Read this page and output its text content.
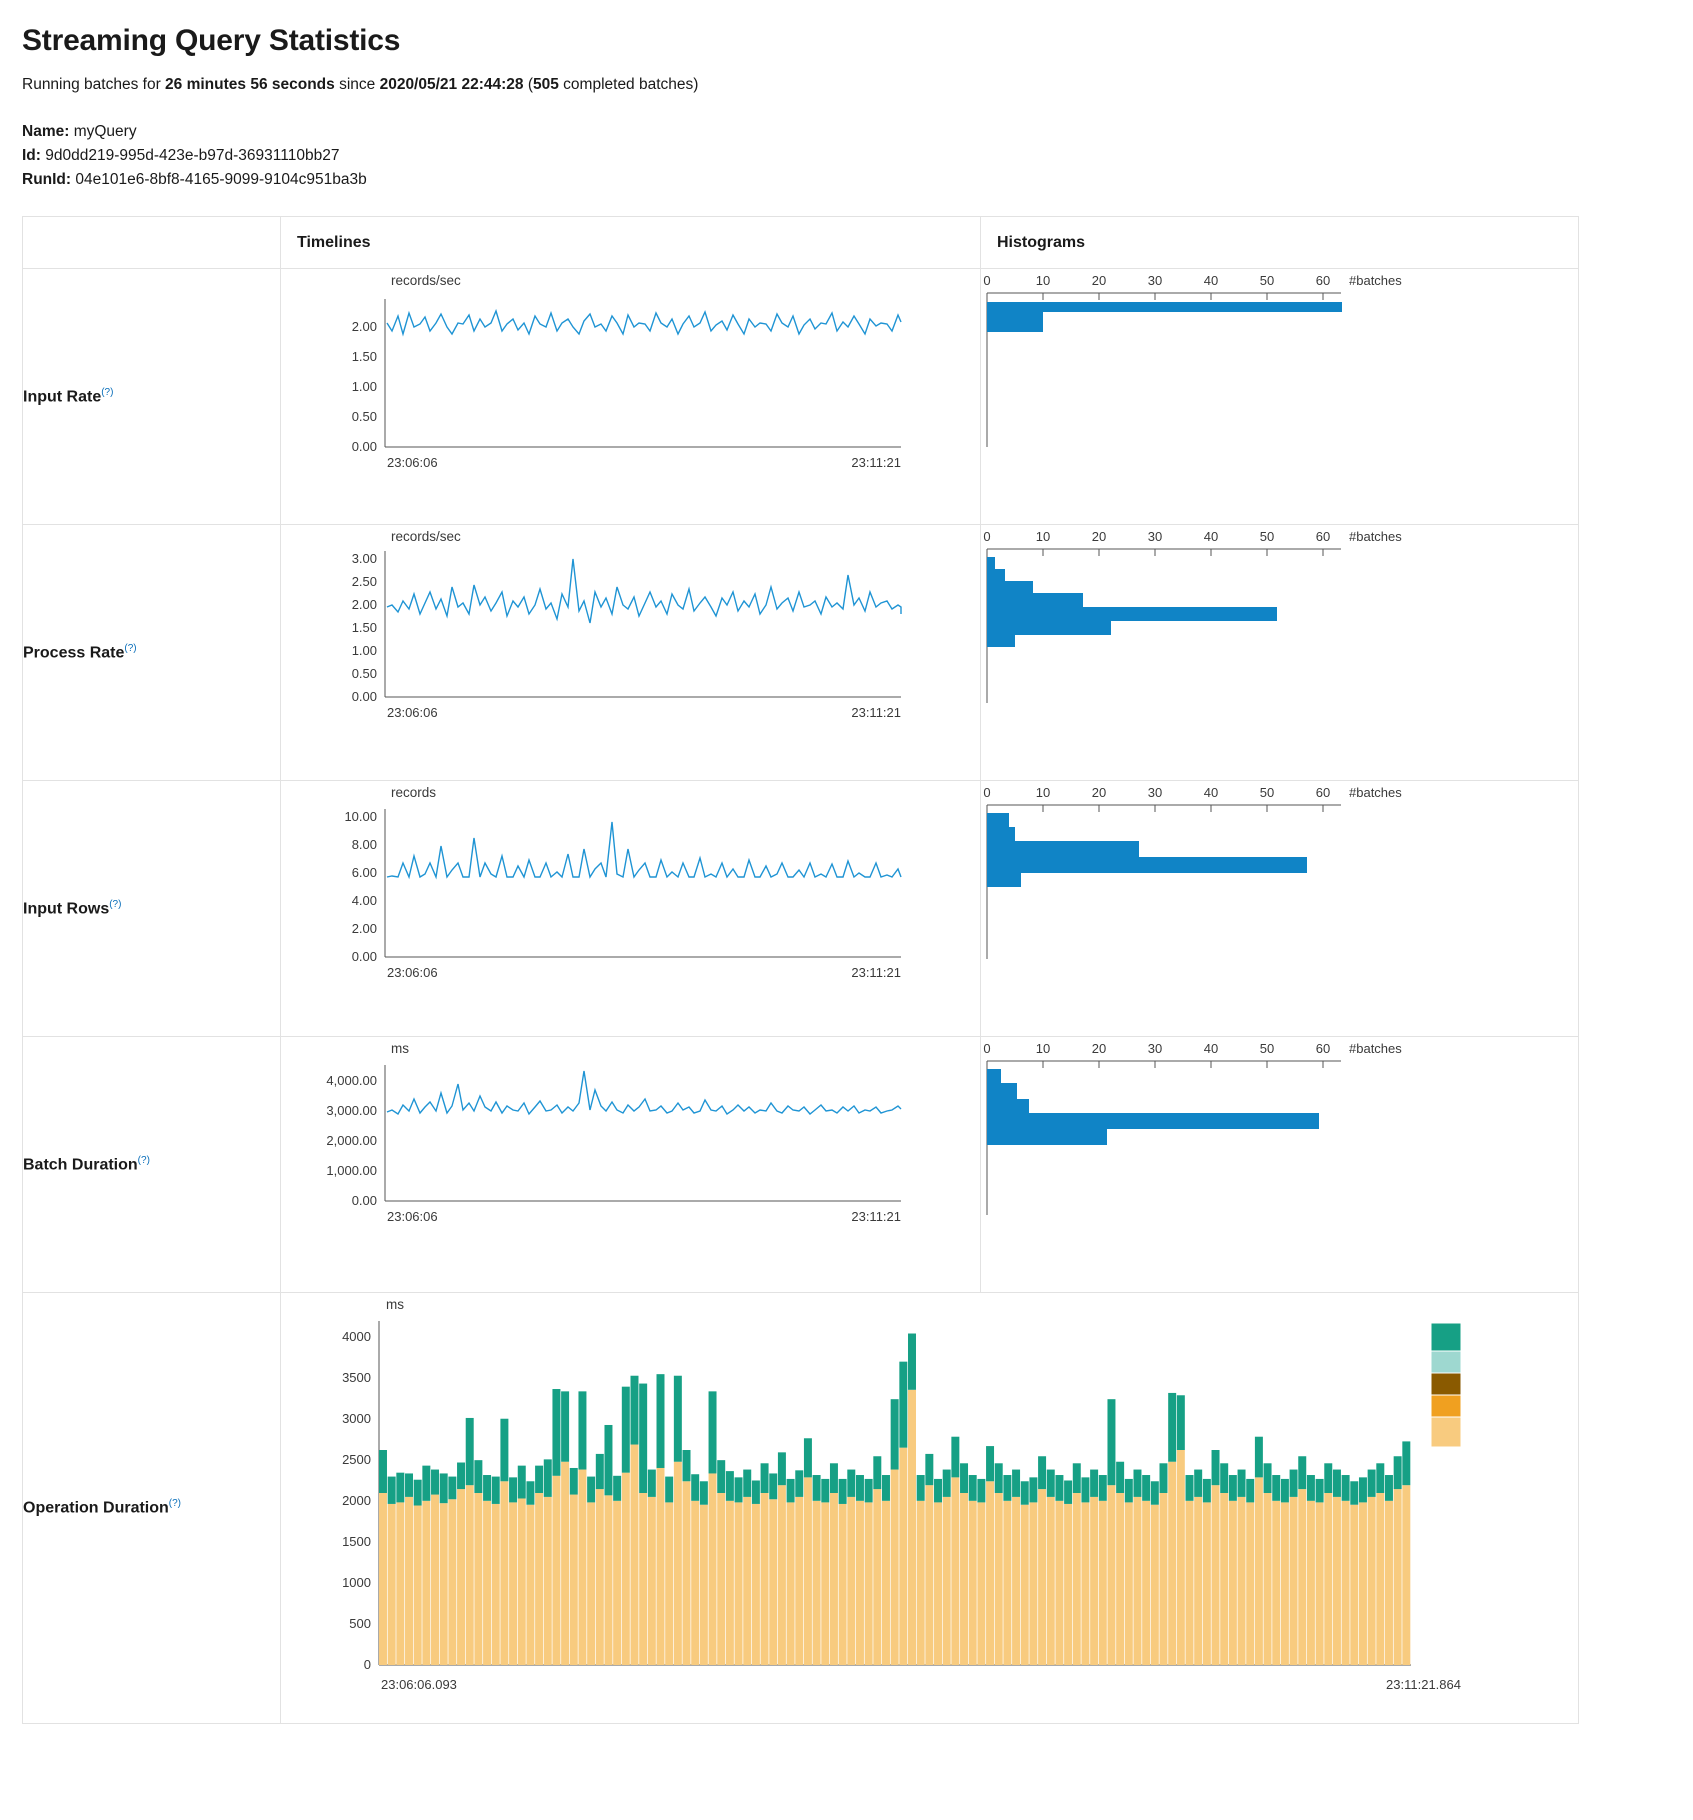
Streaming Query Statistics
Running batches for 26 minutes 56 seconds since 2020/05/21 22:44:28 (505 completed batches)
Name: myQuery
Id: 9d0dd219-995d-423e-b97d-36931110bb27
RunId: 04e101e6-8bf8-4165-9099-9104c951ba3b
	Timelines	Histograms
Input Rate(?)	
records/sec
2.00
1.50
1.00
0.50
0.00
23:06:06	23:11:21

0	10	20	30	40	50	60 #batches

Process Rate(?)	
records/sec
3.00
2.50
2.00
1.50
1.00
0.50
0.00
23:06:06	23:11:21

0	10	20	30	40	50	60 #batches

Input Rows(?)	
records
10.00
8.00
6.00
4.00
2.00
0.00
23:06:06	23:11:21

0	10	20	30	40	50	60 #batches

Batch Duration(?)	
ms
4,000.00
3,000.00
2,000.00
1,000.00
0.00
23:06:06	23:11:21

0	10	20	30	40	50	60 #batches

Operation Duration(?)	
ms
4000
3500
3000
2500
2000
1500
1000
500
0
23:06:06.093	23:11:21.864
